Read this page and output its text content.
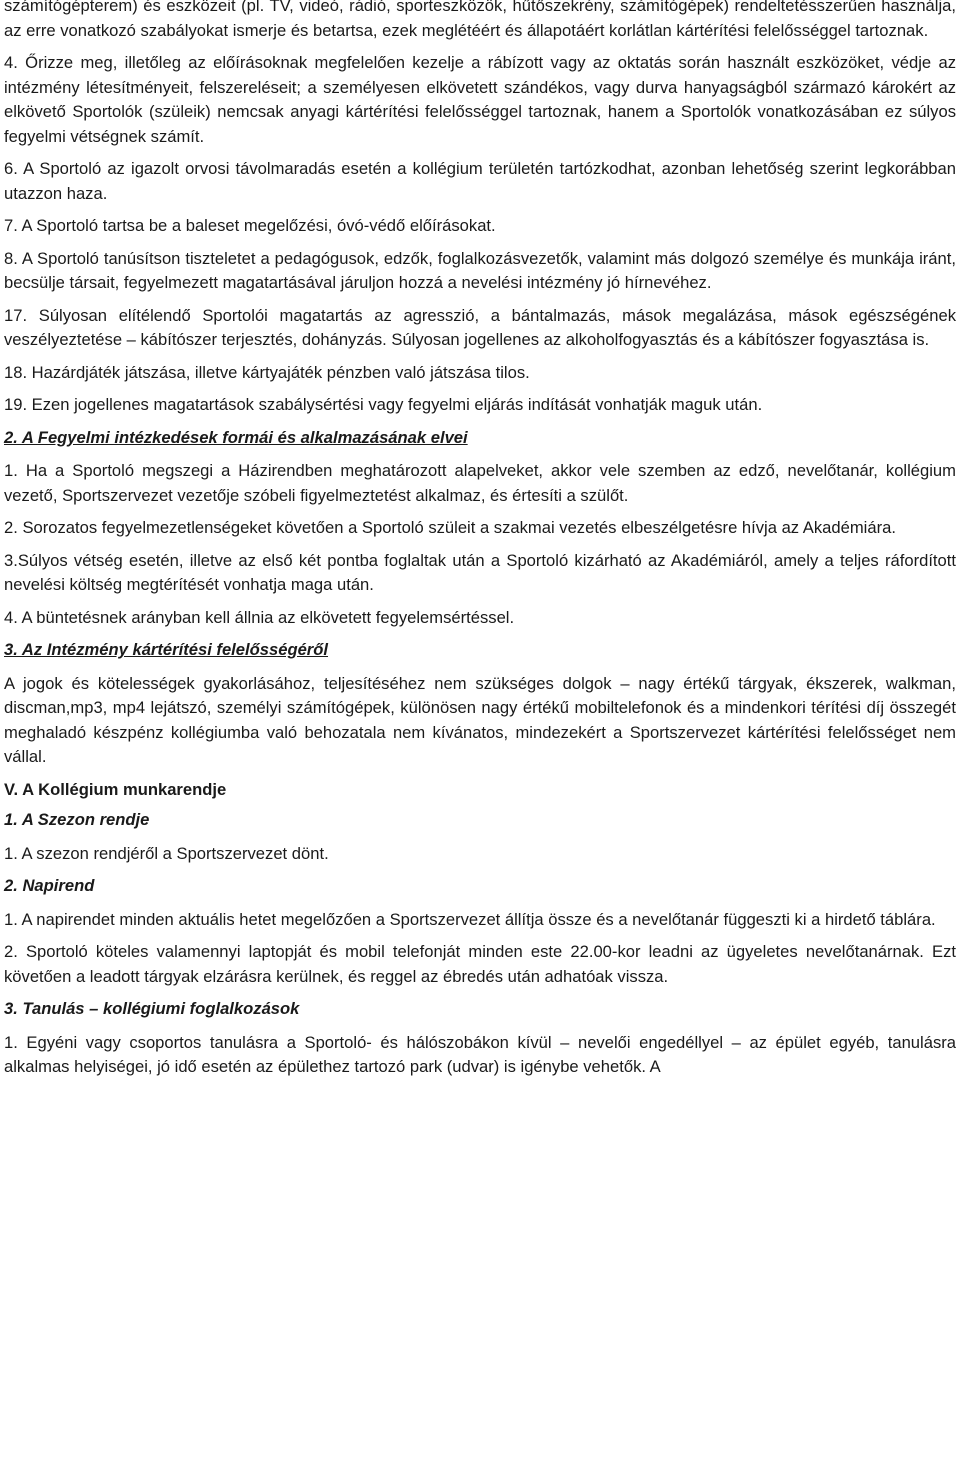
számítógépterem) és eszközeit (pl. TV, videó, rádió, sporteszközök, hűtőszekrény, számítógépek) rendeltetésszerűen használja, az erre vonatkozó szabályokat ismerje és betartsa, ezek meglétéért és állapotáért korlátlan kártérítési felelősséggel tartoznak.

4. Őrizze meg, illetőleg az előírásoknak megfelelően kezelje a rábízott vagy az oktatás során használt eszközöket, védje az intézmény létesítményeit, felszereléseit; a személyesen elkövetett szándékos, vagy durva hanyagságból származó károkért az elkövető Sportolók (szüleik) nemcsak anyagi kártérítési felelősséggel tartoznak, hanem a Sportolók vonatkozásában ez súlyos fegyelmi vétségnek számít.

6. A Sportoló az igazolt orvosi távolmaradás esetén a kollégium területén tartózkodhat, azonban lehetőség szerint legkorábban utazzon haza.

7. A Sportoló tartsa be a baleset megelőzési, óvó-védő előírásokat.

8. A Sportoló tanúsítson tiszteletet a pedagógusok, edzők, foglalkozásvezetők, valamint más dolgozó személye és munkája iránt, becsülje társait, fegyelmezett magatartásával járuljon hozzá a nevelési intézmény jó hírnevéhez.

17. Súlyosan elítélendő Sportolói magatartás az agresszió, a bántalmazás, mások megalázása, mások egészségének veszélyeztetése – kábítószer terjesztés, dohányzás. Súlyosan jogellenes az alkoholfogyasztás és a kábítószer fogyasztása is.

18. Hazárdjáték játszása, illetve kártyajáték pénzben való játszása tilos.

19. Ezen jogellenes magatartások szabálysértési vagy fegyelmi eljárás indítását vonhatják maguk után.

2. A Fegyelmi intézkedések formái és alkalmazásának elvei

1. Ha a Sportoló megszegi a Házirendben meghatározott alapelveket, akkor vele szemben az edző, nevelőtanár, kollégium vezető, Sportszervezet vezetője szóbeli figyelmeztetést alkalmaz, és értesíti a szülőt.

2. Sorozatos fegyelmezetlenségeket követően a Sportoló szüleit a szakmai vezetés elbeszélgetésre hívja az Akadémiára.

3.Súlyos vétség esetén, illetve az első két pontba foglaltak után a Sportoló kizárható az Akadémiáról, amely a teljes ráfordított nevelési költség megtérítését vonhatja maga után.

4. A büntetésnek arányban kell állnia az elkövetett fegyelemsértéssel.

3. Az Intézmény kártérítési felelősségéről

A jogok és kötelességek gyakorlásához, teljesítéséhez nem szükséges dolgok – nagy értékű tárgyak, ékszerek, walkman, discman,mp3, mp4 lejátszó, személyi számítógépek, különösen nagy értékű mobiltelefonok és a mindenkori térítési díj összegét meghaladó készpénz kollégiumba való behozatala nem kívánatos, mindezekért a Sportszervezet kártérítési felelősséget nem vállal.

V. A Kollégium munkarendje

1. A Szezon rendje

1. A szezon rendjéről a Sportszervezet dönt.

2. Napirend

1. A napirendet minden aktuális hetet megelőzően a Sportszervezet állítja össze és a nevelőtanár függeszti ki a hirdető táblára.

2. Sportoló köteles valamennyi laptopját és mobil telefonját minden este 22.00-kor leadni az ügyeletes nevelőtanárnak. Ezt követően a leadott tárgyak elzárásra kerülnek, és reggel az ébredés után adhatóak vissza.

3. Tanulás – kollégiumi foglalkozások

1. Egyéni vagy csoportos tanulásra a Sportoló- és hálószobákon kívül – nevelői engedéllyel – az épület egyéb, tanulásra alkalmas helyiségei, jó idő esetén az épülethez tartozó park (udvar) is igénybe vehetők. A
